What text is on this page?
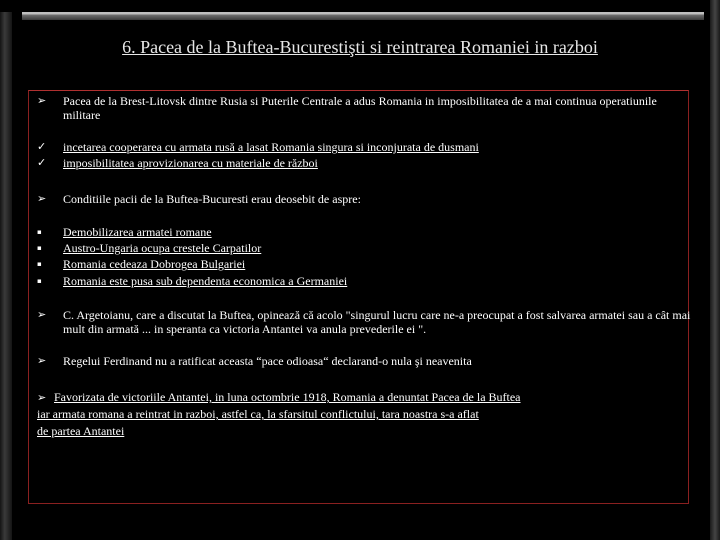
6. Pacea de la Buftea-Bucurestişti si reintrarea Romaniei in razboi
➢	Pacea de la Brest-Litovsk dintre Rusia si Puterile Centrale a adus Romania in imposibilitatea de a mai continua operatiunile militare
✓	incetarea cooperarea cu armata rusă a lasat Romania singura si inconjurata de dusmani
✓	imposibilitatea aprovizionarea cu materiale de război
➢	Conditiile pacii de la Buftea-Bucuresti erau deosebit de aspre:
▪	Demobilizarea armatei romane
▪	Austro-Ungaria ocupa crestele Carpatilor
▪	Romania cedeaza Dobrogea Bulgariei
▪	Romania este pusa sub dependenta economica a Germaniei
➢	C. Argetoianu, care a discutat la Buftea, opinează că acolo "singurul lucru care ne-a preocupat a fost salvarea armatei sau a cât mai mult din armată ... in speranta ca victoria Antantei va anula prevederile ei ".
➢	Regelui Ferdinand nu a ratificat aceasta “pace odioasa“ declarand-o nula şi neavenita
➢ Favorizata de victoriile Antantei, in luna octombrie 1918, Romania a denuntat Pacea de la Buftea
iar armata romana a reintrat in razboi, astfel ca, la sfarsitul conflictului, tara noastra s-a aflat
de partea Antantei
